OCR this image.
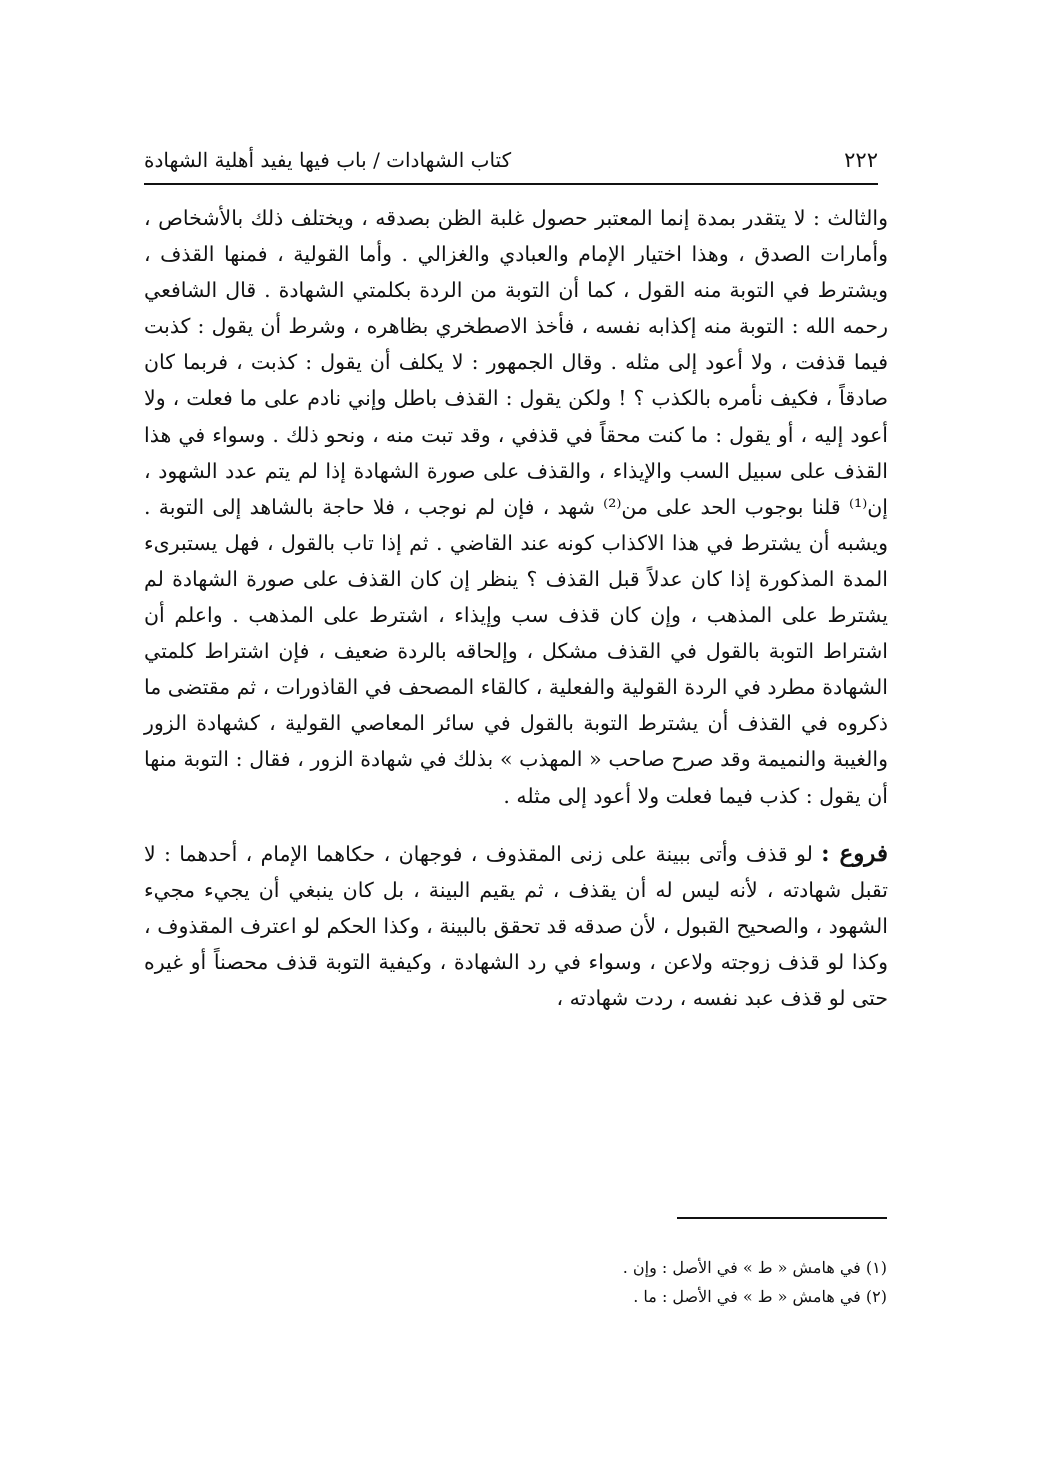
كتاب الشهادات / باب فيها يفيد أهلية الشهادة	٢٢٢

والثالث : لا يتقدر بمدة إنما المعتبر حصول غلبة الظن بصدقه ، ويختلف ذلك بالأشخاص ، وأمارات الصدق ، وهذا اختيار الإمام والعبادي والغزالي . وأما القولية ، فمنها القذف ، ويشترط في التوبة منه القول ، كما أن التوبة من الردة بكلمتي الشهادة . قال الشافعي رحمه الله : التوبة منه إكذابه نفسه ، فأخذ الاصطخري بظاهره ، وشرط أن يقول : كذبت فيما قذفت ، ولا أعود إلى مثله . وقال الجمهور : لا يكلف أن يقول : كذبت ، فربما كان صادقاً ، فكيف نأمره بالكذب ؟ ! ولكن يقول : القذف باطل وإني نادم على ما فعلت ، ولا أعود إليه ، أو يقول : ما كنت محقاً في قذفي ، وقد تبت منه ، ونحو ذلك . وسواء في هذا القذف على سبيل السب والإيذاء ، والقذف على صورة الشهادة إذا لم يتم عدد الشهود ، إن⁽¹⁾ قلنا بوجوب الحد على من⁽²⁾ شهد ، فإن لم نوجب ، فلا حاجة بالشاهد إلى التوبة . ويشبه أن يشترط في هذا الاكذاب كونه عند القاضي . ثم إذا تاب بالقول ، فهل يستبرىء المدة المذكورة إذا كان عدلاً قبل القذف ؟ ينظر إن كان القذف على صورة الشهادة لم يشترط على المذهب ، وإن كان قذف سب وإيذاء ، اشترط على المذهب . واعلم أن اشتراط التوبة بالقول في القذف مشكل ، وإلحاقه بالردة ضعيف ، فإن اشتراط كلمتي الشهادة مطرد في الردة القولية والفعلية ، كالقاء المصحف في القاذورات ، ثم مقتضى ما ذكروه في القذف أن يشترط التوبة بالقول في سائر المعاصي القولية ، كشهادة الزور والغيبة والنميمة وقد صرح صاحب « المهذب » بذلك في شهادة الزور ، فقال : التوبة منها أن يقول : كذب فيما فعلت ولا أعود إلى مثله .

فروع : لو قذف وأتى ببينة على زنى المقذوف ، فوجهان ، حكاهما الإمام ، أحدهما : لا تقبل شهادته ، لأنه ليس له أن يقذف ، ثم يقيم البينة ، بل كان ينبغي أن يجيء مجيء الشهود ، والصحيح القبول ، لأن صدقه قد تحقق بالبينة ، وكذا الحكم لو اعترف المقذوف ، وكذا لو قذف زوجته ولاعن ، وسواء في رد الشهادة ، وكيفية التوبة قذف محصناً أو غيره حتى لو قذف عبد نفسه ، ردت شهادته ،

(١) في هامش « ط » في الأصل : وإن .
(٢) في هامش « ط » في الأصل : ما .
